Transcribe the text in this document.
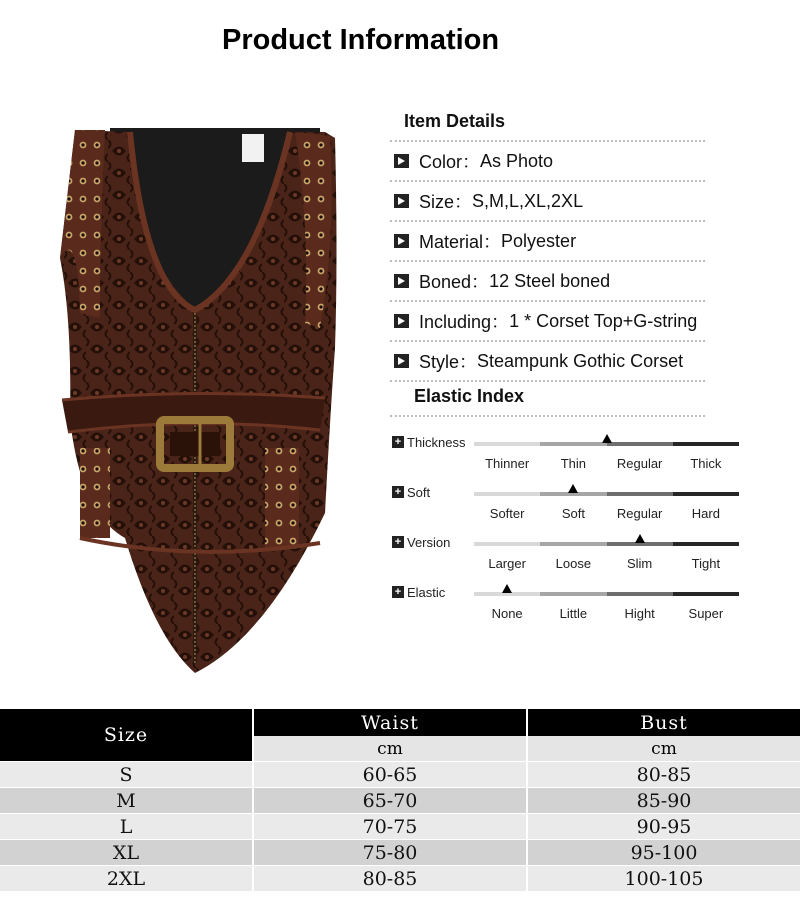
Product Information
Item Details
Color： As Photo
Size： S,M,L,XL,2XL
Material： Polyester
Boned： 12 Steel boned
Including： 1 * Corset Top+G-string
Style： Steampunk Gothic Corset
Elastic Index
+ Thickness
Thinner Thin Regular Thick
+ Soft
Softer	Soft Regular Hard
+ Version
Larger Loose	Slim	Tight
+ Elastic
None	Little	Hight	Super
Size	Waist	Bust
	cm	cm
S	60-65	80-85
M	65-70	85-90
L	70-75	90-95
XL	75-80	95-100
2XL	80-85	100-105
